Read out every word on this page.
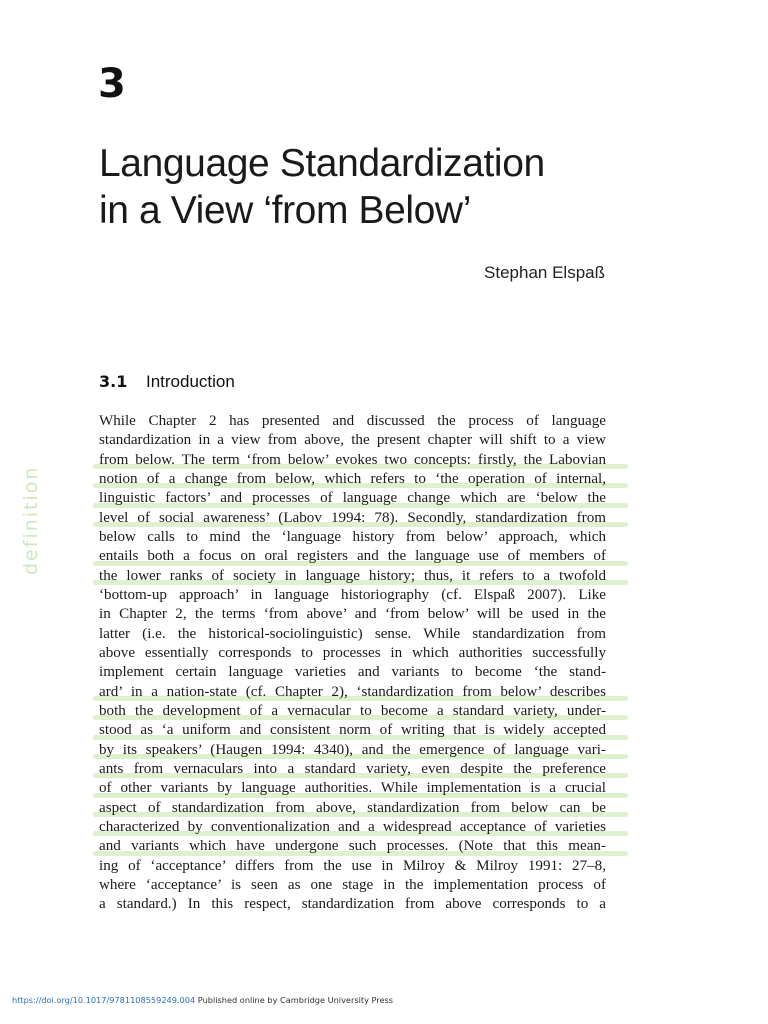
3
Language Standardization
in a View ‘from Below’
Stephan Elspaß
3.1 Introduction
definition
While Chapter 2 has presented and discussed the process of language
standardization in a view from above, the present chapter will shift to a view
from below. The term ‘from below’ evokes two concepts: firstly, the Labovian
notion of a change from below, which refers to ‘the operation of internal,
linguistic factors’ and processes of language change which are ‘below the
level of social awareness’ (Labov 1994: 78). Secondly, standardization from
below calls to mind the ‘language history from below’ approach, which
entails both a focus on oral registers and the language use of members of
the lower ranks of society in language history; thus, it refers to a twofold
‘bottom-up approach’ in language historiography (cf. Elspaß 2007). Like
in Chapter 2, the terms ‘from above’ and ‘from below’ will be used in the
latter (i.e. the historical-sociolinguistic) sense. While standardization from
above essentially corresponds to processes in which authorities successfully
implement certain language varieties and variants to become ‘the stand-
ard’ in a nation-state (cf. Chapter 2), ‘standardization from below’ describes
both the development of a vernacular to become a standard variety, under-
stood as ‘a uniform and consistent norm of writing that is widely accepted
by its speakers’ (Haugen 1994: 4340), and the emergence of language vari-
ants from vernaculars into a standard variety, even despite the preference
of other variants by language authorities. While implementation is a crucial
aspect of standardization from above, standardization from below can be
characterized by conventionalization and a widespread acceptance of varieties
and variants which have undergone such processes. (Note that this mean-
ing of ‘acceptance’ differs from the use in Milroy & Milroy 1991: 27–8,
where ‘acceptance’ is seen as one stage in the implementation process of
a standard.) In this respect, standardization from above corresponds to a
https://doi.org/10.1017/9781108559249.004 Published online by Cambridge University Press
